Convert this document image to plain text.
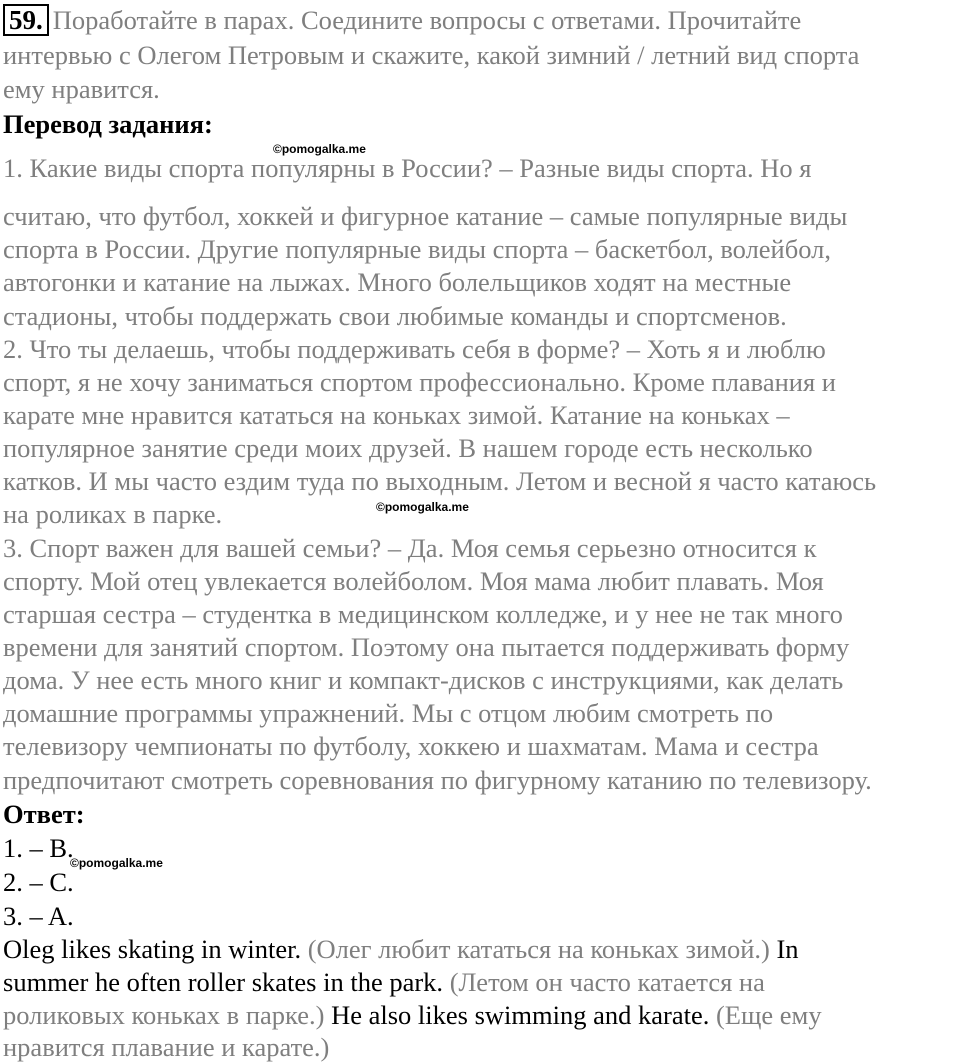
59. Поработайте в парах. Соедините вопросы с ответами. Прочитайте
интервью с Олегом Петровым и скажите, какой зимний / летний вид спорта
ему нравится.
Перевод задания:
©pomogalka.me
1. Какие виды спорта популярны в России? – Разные виды спорта. Но я
считаю, что футбол, хоккей и фигурное катание – самые популярные виды
спорта в России. Другие популярные виды спорта – баскетбол, волейбол,
автогонки и катание на лыжах. Много болельщиков ходят на местные
стадионы, чтобы поддержать свои любимые команды и спортсменов.
2. Что ты делаешь, чтобы поддерживать себя в форме? – Хоть я и люблю
спорт, я не хочу заниматься спортом профессионально. Кроме плавания и
карате мне нравится кататься на коньках зимой. Катание на коньках –
популярное занятие среди моих друзей. В нашем городе есть несколько
катков. И мы часто ездим туда по выходным. Летом и весной я часто катаюсь
©pomogalka.me
на роликах в парке.
3. Спорт важен для вашей семьи? – Да. Моя семья серьезно относится к
спорту. Мой отец увлекается волейболом. Моя мама любит плавать. Моя
старшая сестра – студентка в медицинском колледже, и у нее не так много
времени для занятий спортом. Поэтому она пытается поддерживать форму
дома. У нее есть много книг и компакт-дисков с инструкциями, как делать
домашние программы упражнений. Мы с отцом любим смотреть по
телевизору чемпионаты по футболу, хоккею и шахматам. Мама и сестра
предпочитают смотреть соревнования по фигурному катанию по телевизору.
Ответ:
1. – B.
©pomogalka.me
2. – C.
3. – A.
Oleg likes skating in winter. (Олег любит кататься на коньках зимой.) In
summer he often roller skates in the park. (Летом он часто катается на
роликовых коньках в парке.) He also likes swimming and karate. (Еще ему
нравится плавание и карате.)
